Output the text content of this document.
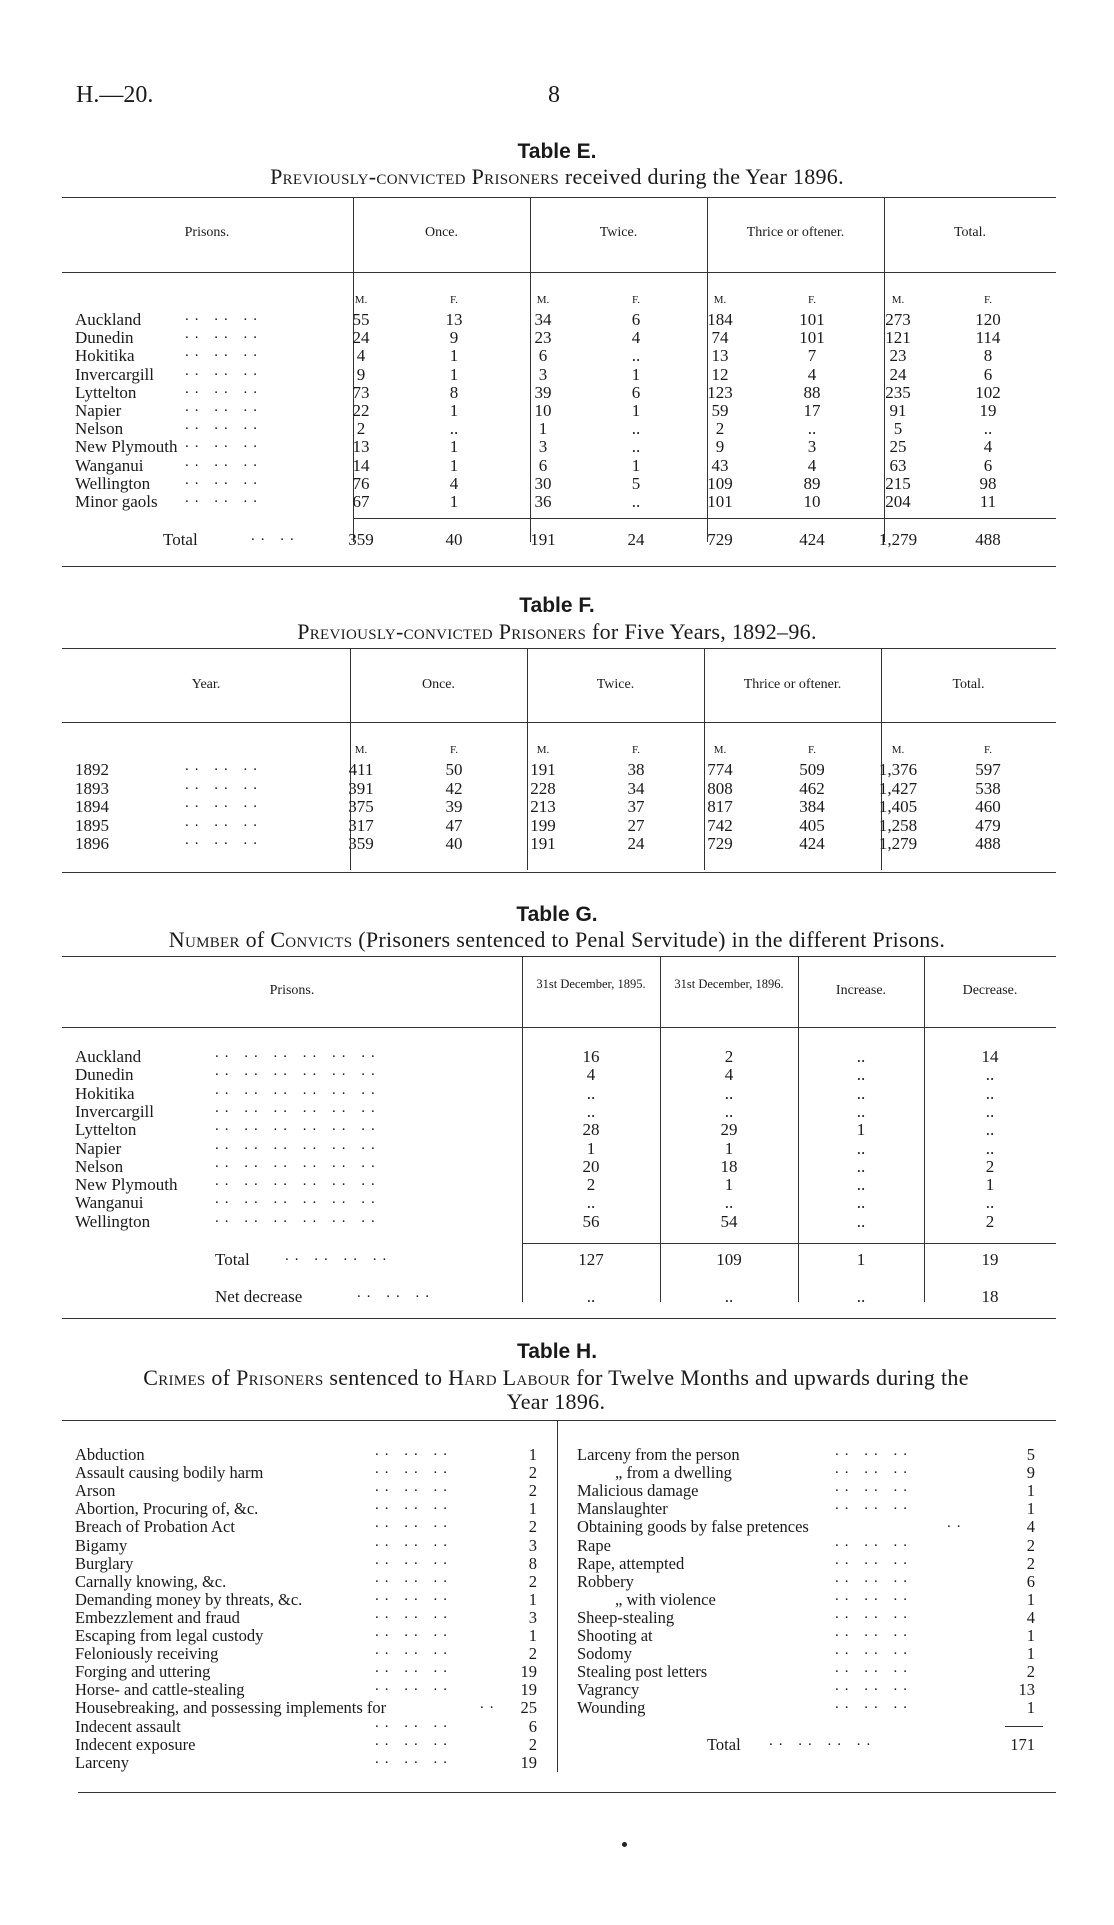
H.—20.	8
Table E.
Previously-convicted Prisoners received during the Year 1896.
Prisons.	Once.	Twice.	Thrice or oftener.	Total.
M.	F.	M.	F.	M.	F.	M.	F.
Auckland	.. .. ..	55	13	34	6	184	101	273	120
Dunedin	.. .. ..	24	9	23	4	74	101	121	114
Hokitika	.. .. ..	4	1	6	..	13	7	23	8
Invercargill .. .. ..	9	1	3	1	12	4	24	6
Lyttelton	.. .. ..	73	8	39	6	123	88	235	102
Napier	.. .. ..	22	1	10	1	59	17	91	19
Nelson	.. .. ..	2	..	1	..	2	..	5	..
New Plymouth .. .. ..	13	1	3	..	9	3	25	4
Wanganui	.. .. ..	14	1	6	1	43	4	63	6
Wellington .. .. ..	76	4	30	5	109	89	215	98
Minor gaols .. .. ..	67	1	36	..	101	10	204	11
Total	.. ..	359	40	191	24	729	424	1,279	488
Table F.
Previously-convicted Prisoners for Five Years, 1892–96.
Year.	Once.	Twice.	Thrice or oftener.	Total.
M.	F.	M.	F.	M.	F.	M.	F.
1892	.. .. ..	411	50	191	38	774	509	1,376	597
1893	.. .. ..	391	42	228	34	808	462	1,427	538
1894	.. .. ..	375	39	213	37	817	384	1,405	460
1895	.. .. ..	317	47	199	27	742	405	1,258	479
1896	.. .. ..	359	40	191	24	729	424	1,279	488
Table G.
Number of Convicts (Prisoners sentenced to Penal Servitude) in the different Prisons.
Prisons.	31st December, 1895.	31st December, 1896.	Increase.	Decrease.
Auckland	.. .. .. .. .. ..	16	2	..	14
Dunedin	.. .. .. .. .. ..	4	4	..	..
Hokitika	.. .. .. .. .. ..	..	..	..	..
Invercargill	.. .. .. .. .. ..	..	..	..	..
Lyttelton	.. .. .. .. .. ..	28	29	1	..
Napier	.. .. .. .. .. ..	1	1	..	..
Nelson	.. .. .. .. .. ..	20	18	..	2
New Plymouth	.. .. .. .. .. ..	2	1	..	1
Wanganui	.. .. .. .. .. ..	..	..	..	..
Wellington	.. .. .. .. .. ..	56	54	..	2
Total .. .. .. ..	127	109	1	19
Net decrease	.. .. ..	..	..	..	18
Table H.
Crimes of Prisoners sentenced to Hard Labour for Twelve Months and upwards during the
Year 1896.
Abduction	.. .. ..	1
Assault causing bodily harm	.. .. ..	2
Arson	.. .. ..	2
Abortion, Procuring of, &c.	.. .. ..	1
Breach of Probation Act	.. .. ..	2
Bigamy	.. .. ..	3
Burglary	.. .. ..	8
Carnally knowing, &c.	.. .. ..	2
Demanding money by threats, &c.	.. .. ..	1
Embezzlement and fraud	.. .. ..	3
Escaping from legal custody	.. .. ..	1
Feloniously receiving	.. .. ..	2
Forging and uttering	.. .. ..	19
Horse- and cattle-stealing	.. .. ..	19
Housebreaking, and possessing implements for	..	25
Indecent assault	.. .. ..	6
Indecent exposure	.. .. ..	2
Larceny	.. .. ..	19
Larceny from the person	.. .. ..	5
„ from a dwelling	.. .. ..	9
Malicious damage	.. .. ..	1
Manslaughter	.. .. ..	1
Obtaining goods by false pretences	..	4
Rape	.. .. ..	2
Rape, attempted	.. .. ..	2
Robbery	.. .. ..	6
„ with violence	.. .. ..	1
Sheep-stealing	.. .. ..	4
Shooting at	.. .. ..	1
Sodomy	.. .. ..	1
Stealing post letters	.. .. ..	2
Vagrancy	.. .. ..	13
Wounding	.. .. ..	1
Total .. .. .. ..	171
